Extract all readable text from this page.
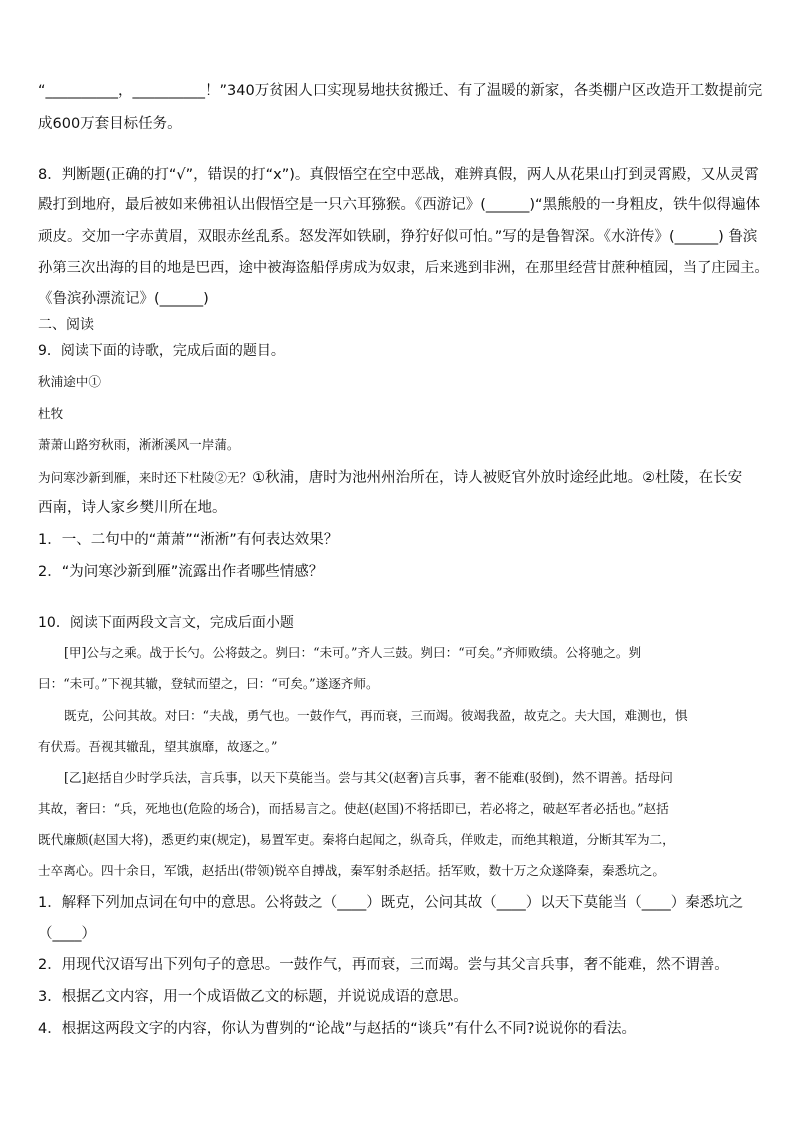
“__________，__________！”340万贫困人口实现易地扶贫搬迁、有了温暖的新家，各类棚户区改造开工数提前完
成600万套目标任务。
8．判断题(正确的打“√”，错误的打“x”)。真假悟空在空中恶战，难辨真假，两人从花果山打到灵霄殿，又从灵霄
殿打到地府，最后被如来佛祖认出假悟空是一只六耳猕猴。《西游记》(______)“黑熊般的一身粗皮，铁牛似得遍体
顽皮。交加一字赤黄眉，双眼赤丝乱系。怒发浑如铁刷，狰狞好似可怕。”写的是鲁智深。《水浒传》(______) 鲁滨
孙第三次出海的目的地是巴西，途中被海盗船俘虏成为奴隶，后来逃到非洲，在那里经营甘蔗种植园，当了庄园主。
《鲁滨孙漂流记》(______)
二、阅读
9．阅读下面的诗歌，完成后面的题目。
秋浦途中①
杜牧
萧萧山路穷秋雨，淅淅溪风一岸蒲。
为问寒沙新到雁，来时还下杜陵②无？①秋浦，唐时为池州州治所在，诗人被贬官外放时途经此地。②杜陵，在长安
西南，诗人家乡樊川所在地。
1．一、二句中的“萧萧”“淅淅”有何表达效果？
2．“为问寒沙新到雁”流露出作者哪些情感？
10．阅读下面两段文言文，完成后面小题
[甲]公与之乘。战于长勺。公将鼓之。刿曰：“未可。”齐人三鼓。刿曰：“可矣。”齐师败绩。公将驰之。刿
曰：“未可。”下视其辙，登轼而望之，曰：“可矣。”遂逐齐师。
既克，公问其故。对曰：“夫战，勇气也。一鼓作气，再而衰，三而竭。彼竭我盈，故克之。夫大国，难测也，惧
有伏焉。吾视其辙乱，望其旗靡，故逐之。”
[乙]赵括自少时学兵法，言兵事，以天下莫能当。尝与其父(赵奢)言兵事，奢不能难(驳倒)，然不谓善。括母问
其故，奢曰：“兵，死地也(危险的场合)，而括易言之。使赵(赵国)不将括即已，若必将之，破赵军者必括也。”赵括
既代廉颇(赵国大将)，悉更约束(规定)，易置军吏。秦将白起闻之，纵奇兵，佯败走，而绝其粮道，分断其军为二，
士卒离心。四十余日，军饿，赵括出(带领)锐卒自搏战，秦军射杀赵括。括军败，数十万之众遂降秦，秦悉坑之。
1．解释下列加点词在句中的意思。公将鼓之（____）既克，公问其故（____）以天下莫能当（____）秦悉坑之
（____）
2．用现代汉语写出下列句子的意思。一鼓作气，再而衰，三而竭。尝与其父言兵事，奢不能难，然不谓善。
3．根据乙文内容，用一个成语做乙文的标题，并说说成语的意思。
4．根据这两段文字的内容，你认为曹刿的“论战”与赵括的“谈兵”有什么不同?说说你的看法。
